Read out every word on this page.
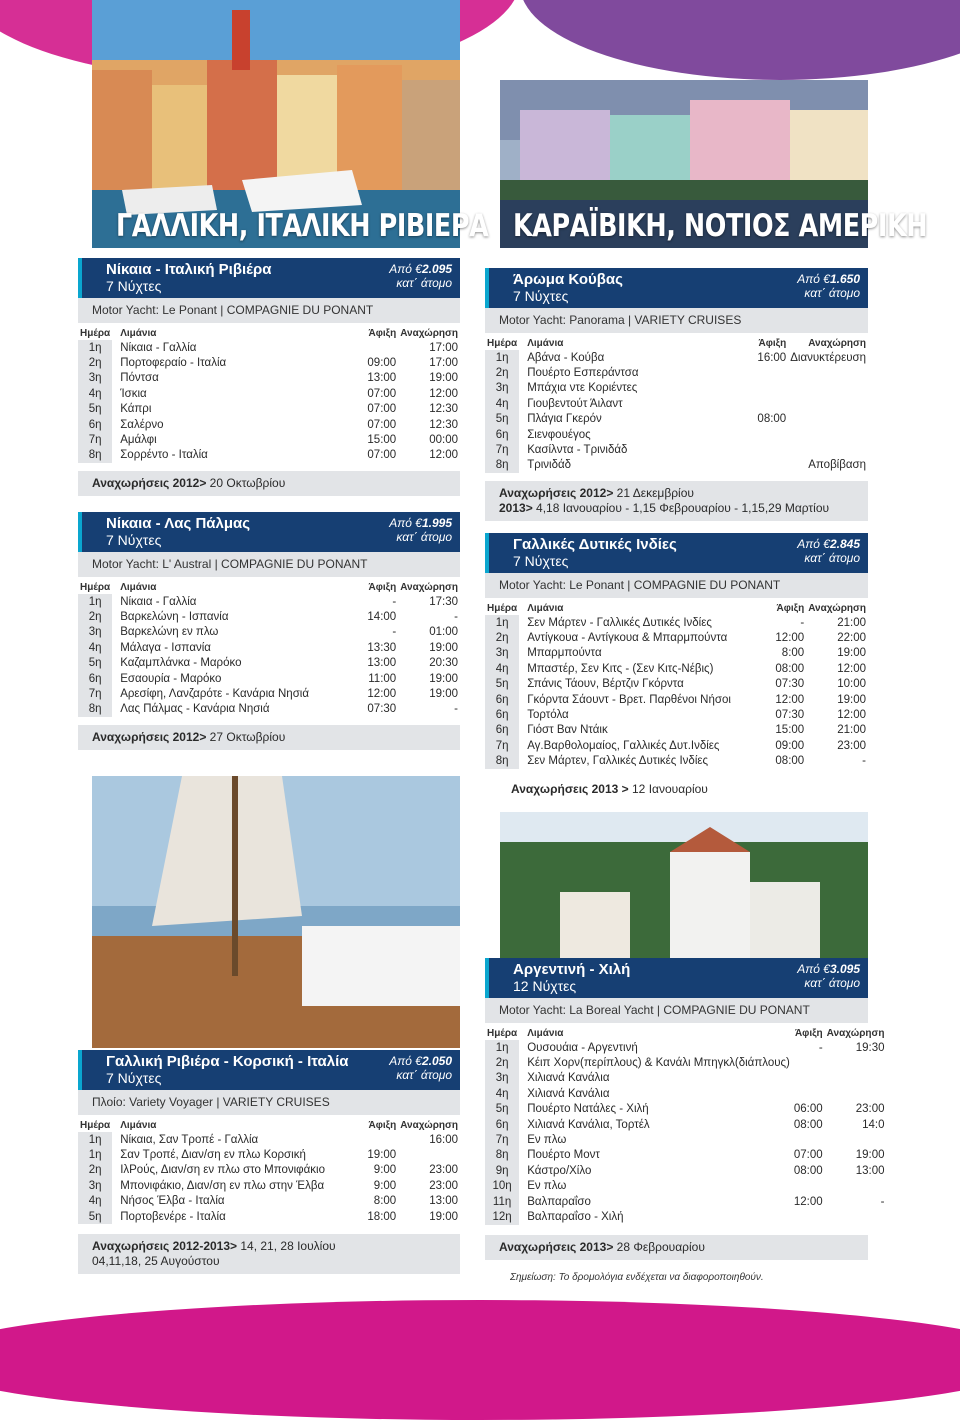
ΓΑΛΛΙΚΗ, ΙΤΑΛΙΚΗ ΡΙΒΙΕΡΑ ΚΑΡΑΪΒΙΚΗ, ΝΟΤΙΟΣ ΑΜΕΡΙΚΗ
Νίκαια - Ιταλική Ριβιέρα
7 Νύχτες
Από €2.095
κατ΄ άτομο
Motor Yacht: Le Ponant | COMPAGNIE DU PONANT
Ημέρα	Λιμάνια	Άφιξη	Αναχώρηση
1η	Νίκαια - Γαλλία		17:00
2η	Πορτοφεραίο - Ιταλία	09:00	17:00
3η	Πόντσα	13:00	19:00
4η	Ίσκια	07:00	12:00
5η	Κάπρι	07:00	12:30
6η	Σαλέρνο	07:00	12:30
7η	Αμάλφι	15:00	00:00
8η	Σορρέντο - Ιταλία	07:00	12:00
Αναχωρήσεις 2012> 20 Οκτωβρίου
Νίκαια - Λας Πάλμας
7 Νύχτες
Από €1.995
κατ΄ άτομο
Motor Yacht: L' Austral | COMPAGNIE DU PONANT
Ημέρα	Λιμάνια	Άφιξη	Αναχώρηση
1η	Νίκαια - Γαλλία	-	17:30
2η	Βαρκελώνη - Ισπανία	14:00	-
3η	Βαρκελώνη εν πλω	-	01:00
4η	Μάλαγα - Ισπανία	13:30	19:00
5η	Καζαμπλάνκα - Μαρόκο	13:00	20:30
6η	Εσαουρία - Μαρόκο	11:00	19:00
7η	Αρεσίφη, Λανζαρότε - Κανάρια Νησιά	12:00	19:00
8η	Λας Πάλμας - Κανάρια Νησιά	07:30	-
Αναχωρήσεις 2012> 27 Οκτωβρίου
Γαλλική Ριβιέρα - Κορσική - Ιταλία
7 Νύχτες
Από €2.050
κατ΄ άτομο
Πλοίο: Variety Voyager | VARIETY CRUISES
Ημέρα	Λιμάνια	Άφιξη	Αναχώρηση
1η	Νίκαια, Σαν Τροπέ - Γαλλία		16:00
1η	Σαν Τροπέ, Διαν/ση εν πλω Κορσική	19:00	
2η	ΙλΡούς, Διαν/ση εν πλω στο Μπονιφάκιο	9:00	23:00
3η	Μπονιφάκιο, Διαν/ση εν πλω στην Έλβα	9:00	23:00
4η	Νήσος Έλβα - Ιταλία	8:00	13:00
5η	Πορτοβενέρε - Ιταλία	18:00	19:00
Αναχωρήσεις 2012-2013> 14, 21, 28 Ιουλίου
04,11,18, 25 Αυγούστου
Άρωμα Κούβας
7 Νύχτες
Από €1.650
κατ΄ άτομο
Motor Yacht: Panorama | VARIETY CRUISES
Ημέρα	Λιμάνια	Άφιξη	Αναχώρηση
1η	Αβάνα - Κούβα	16:00	Διανυκτέρευση
2η	Πουέρτο Εσπεράντσα		
3η	Μπάχια ντε Κοριέντες		
4η	Γιουβεντούτ Άιλαντ		
5η	Πλάγια Γκερόν	08:00	
6η	Σιενφουέγος		
7η	Κασίλντα - Τρινιδάδ		
8η	Τρινιδάδ		Αποβίβαση
Αναχωρήσεις 2012> 21 Δεκεμβρίου
2013> 4,18 Ιανουαρίου - 1,15 Φεβρουαρίου - 1,15,29 Μαρτίου
Γαλλικές Δυτικές Ινδίες
7 Νύχτες
Από €2.845
κατ΄ άτομο
Motor Yacht: Le Ponant | COMPAGNIE DU PONANT
Ημέρα	Λιμάνια	Άφιξη	Αναχώρηση
1η	Σεν Μάρτεν - Γαλλικές Δυτικές Ινδίες	-	21:00
2η	Αντίγκουα - Αντίγκουα & Μπαρμπούντα	12:00	22:00
3η	Μπαρμπούντα	8:00	19:00
4η	Μπαστέρ, Σεν Κιτς - (Σεν Κιτς-Νέβις)	08:00	12:00
5η	Σπάνις Τάουν, Βέρτζιν Γκόρντα	07:30	10:00
6η	Γκόρντα Σάουντ - Βρετ. Παρθένοι Νήσοι	12:00	19:00
6η	Τορτόλα	07:30	12:00
6η	Γιόστ Βαν Ντάικ	15:00	21:00
7η	Αγ.Βαρθολομαίος, Γαλλικές Δυτ.Ινδίες	09:00	23:00
8η	Σεν Μάρτεν, Γαλλικές Δυτικές Ινδίες	08:00	-
Αναχωρήσεις 2013 > 12 Ιανουαρίου
Αργεντινή - Χιλή
12 Νύχτες
Από €3.095
κατ΄ άτομο
Motor Yacht: La Boreal Yacht | COMPAGNIE DU PONANT
Ημέρα	Λιμάνια	Άφιξη	Αναχώρηση
1η	Ουσουάια - Αργεντινή	-	19:30
2η	Κέιπ Χορν(περίπλους) & Κανάλι Μπηγκλ(διάπλους)		
3η	Χιλιανά Κανάλια		
4η	Χιλιανά Κανάλια		
5η	Πουέρτο Νατάλες - Χιλή	06:00	23:00
6η	Χιλιανά Κανάλια, Τορτέλ	08:00	14:0
7η	Εν πλω		
8η	Πουέρτο Μοντ	07:00	19:00
9η	Κάστρο/Χίλο	08:00	13:00
10η	Εν πλω		
11η	Βαλπαραΐσο	12:00	-
12η	Βαλπαραΐσο - Χιλή		
Αναχωρήσεις 2013> 28 Φεβρουαρίου
Σημείωση: Το δρομολόγια ενδέχεται να διαφοροποιηθούν.
